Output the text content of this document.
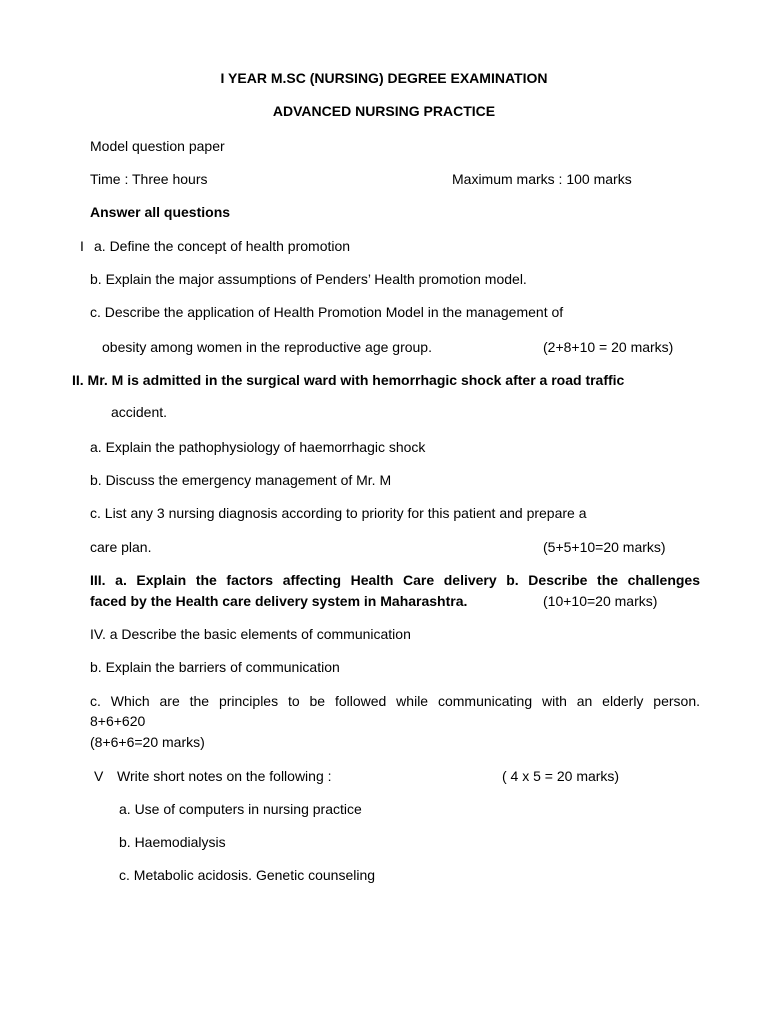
I YEAR M.SC (NURSING) DEGREE EXAMINATION
ADVANCED NURSING PRACTICE
Model question paper
Time : Three hours	Maximum marks : 100 marks
Answer all questions
I a. Define the concept of health promotion
b. Explain the major assumptions of Penders’ Health promotion model.
c. Describe the application of Health Promotion Model in the management of
obesity among women in the reproductive age group.	(2+8+10 = 20 marks)
II. Mr. M is admitted in the surgical ward with hemorrhagic shock after a road traffic
accident.
a. Explain the pathophysiology of haemorrhagic shock
b. Discuss the emergency management of Mr. M
c. List any 3 nursing diagnosis according to priority for this patient and prepare a
care plan.	(5+5+10=20 marks)
III. a. Explain the factors affecting Health Care delivery b. Describe the challenges
faced by the Health care delivery system in Maharashtra.	(10+10=20 marks)
IV. a Describe the basic elements of communication
b. Explain the barriers of communication
c. Which are the principles to be followed while communicating with an elderly person.
8+6+620
(8+6+6=20 marks)
V Write short notes on the following :	( 4 x 5 = 20 marks)
a. Use of computers in nursing practice
b. Haemodialysis
c. Metabolic acidosis. Genetic counseling
